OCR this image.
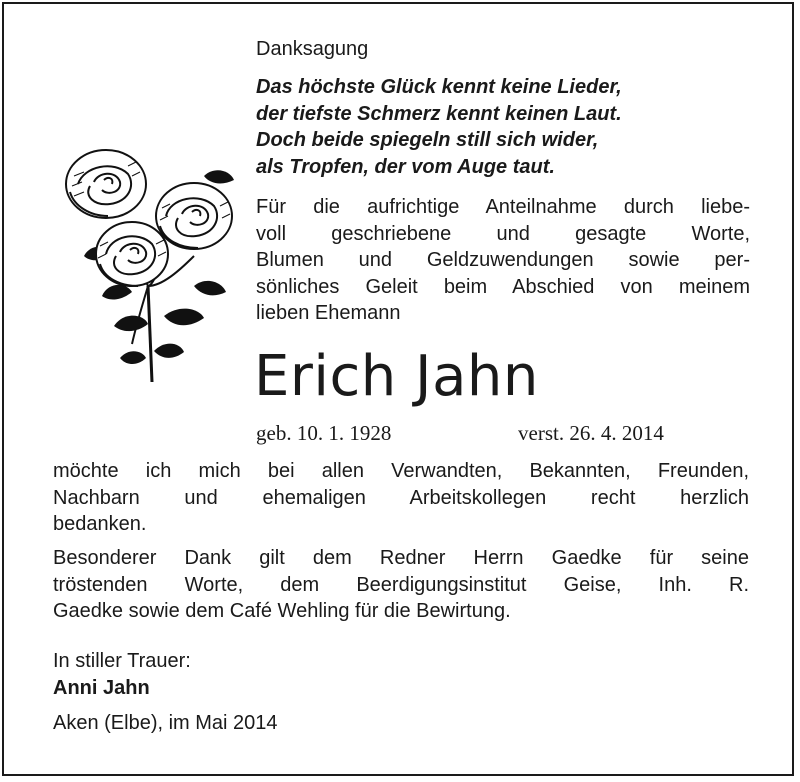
Danksagung
Das höchste Glück kennt keine Lieder,
der tiefste Schmerz kennt keinen Laut.
Doch beide spiegeln still sich wider,
als Tropfen, der vom Auge taut.
Für die aufrichtige Anteilnahme durch liebe-
voll geschriebene und gesagte Worte,
Blumen und Geldzuwendungen sowie per-
sönliches Geleit beim Abschied von meinem
lieben Ehemann
Erich Jahn
geb. 10. 1. 1928	verst. 26. 4. 2014
möchte ich mich bei allen Verwandten, Bekannten, Freunden,
Nachbarn und ehemaligen Arbeitskollegen recht herzlich
bedanken.
Besonderer Dank gilt dem Redner Herrn Gaedke für seine
tröstenden Worte, dem Beerdigungsinstitut Geise, Inh. R.
Gaedke sowie dem Café Wehling für die Bewirtung.
In stiller Trauer:
Anni Jahn
Aken (Elbe), im Mai 2014
